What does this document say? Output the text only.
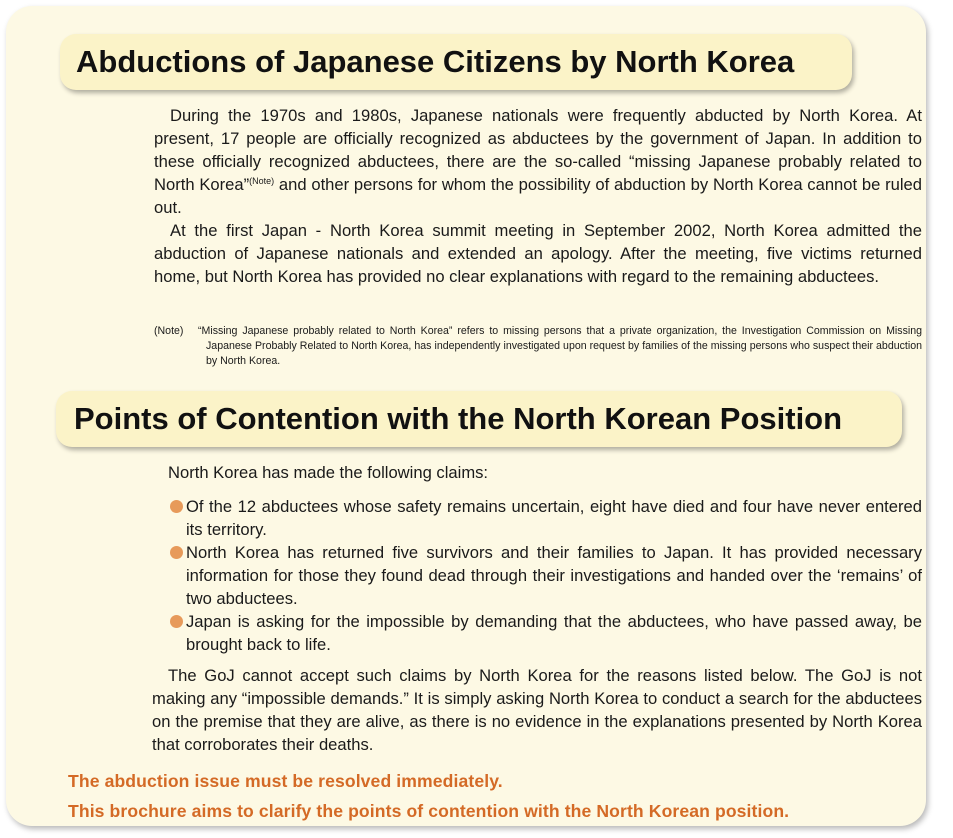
Abductions of Japanese Citizens by North Korea

During the 1970s and 1980s, Japanese nationals were frequently abducted by North Korea. At present, 17 people are officially recognized as abductees by the government of Japan. In addition to these officially recognized abductees, there are the so-called “missing Japanese probably related to North Korea”$^{(Note)}$ and other persons for whom the possibility of abduction by North Korea cannot be ruled out.

At the first Japan - North Korea summit meeting in September 2002, North Korea admitted the abduction of Japanese nationals and extended an apology. After the meeting, five victims returned home, but North Korea has provided no clear explanations with regard to the remaining abductees.

(Note)	“Missing Japanese probably related to North Korea” refers to missing persons that a private organization, the Investigation Commission on Missing Japanese Probably Related to North Korea, has independently investigated upon request by families of the missing persons who suspect their abduction by North Korea.
Points of Contention with the North Korean Position

North Korea has made the following claims:

Of the 12 abductees whose safety remains uncertain, eight have died and four have never entered its territory.
North Korea has returned five survivors and their families to Japan. It has provided necessary information for those they found dead through their investigations and handed over the ‘remains’ of two abductees.
Japan is asking for the impossible by demanding that the abductees, who have passed away, be brought back to life.

The GoJ cannot accept such claims by North Korea for the reasons listed below. The GoJ is not making any “impossible demands.” It is simply asking North Korea to conduct a search for the abductees on the premise that they are alive, as there is no evidence in the explanations presented by North Korea that corroborates their deaths.

The abduction issue must be resolved immediately.
This brochure aims to clarify the points of contention with the North Korean position.
